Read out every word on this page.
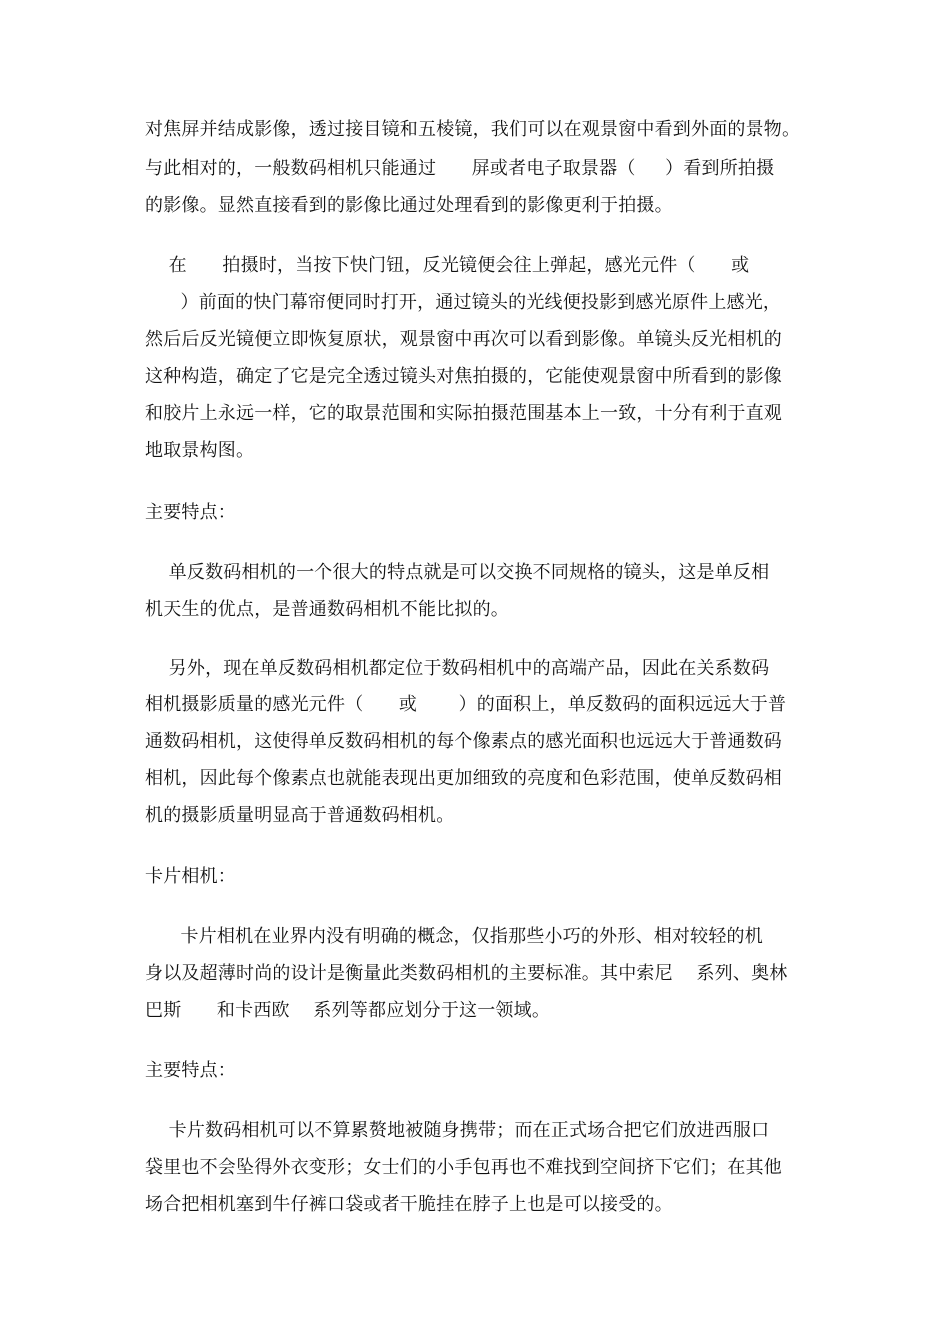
对焦屏并结成影像，透过接目镜和五棱镜，我们可以在观景窗中看到外面的景物。
与此相对的，一般数码相机只能通过      屏或者电子取景器（     ）看到所拍摄
的影像。显然直接看到的影像比通过处理看到的影像更利于拍摄。
在      拍摄时，当按下快门钮，反光镜便会往上弹起，感光元件（      或
）前面的快门幕帘便同时打开，通过镜头的光线便投影到感光原件上感光，
然后后反光镜便立即恢复原状，观景窗中再次可以看到影像。单镜头反光相机的
这种构造，确定了它是完全透过镜头对焦拍摄的，它能使观景窗中所看到的影像
和胶片上永远一样，它的取景范围和实际拍摄范围基本上一致，十分有利于直观
地取景构图。
主要特点：
单反数码相机的一个很大的特点就是可以交换不同规格的镜头，这是单反相
机天生的优点，是普通数码相机不能比拟的。
另外，现在单反数码相机都定位于数码相机中的高端产品，因此在关系数码
相机摄影质量的感光元件（      或       ）的面积上，单反数码的面积远远大于普
通数码相机，这使得单反数码相机的每个像素点的感光面积也远远大于普通数码
相机，因此每个像素点也就能表现出更加细致的亮度和色彩范围，使单反数码相
机的摄影质量明显高于普通数码相机。
卡片相机：
卡片相机在业界内没有明确的概念，仅指那些小巧的外形、相对较轻的机
身以及超薄时尚的设计是衡量此类数码相机的主要标准。其中索尼    系列、奥林
巴斯      和卡西欧    系列等都应划分于这一领域。
主要特点：
卡片数码相机可以不算累赘地被随身携带；而在正式场合把它们放进西服口
袋里也不会坠得外衣变形；女士们的小手包再也不难找到空间挤下它们；在其他
场合把相机塞到牛仔裤口袋或者干脆挂在脖子上也是可以接受的。
